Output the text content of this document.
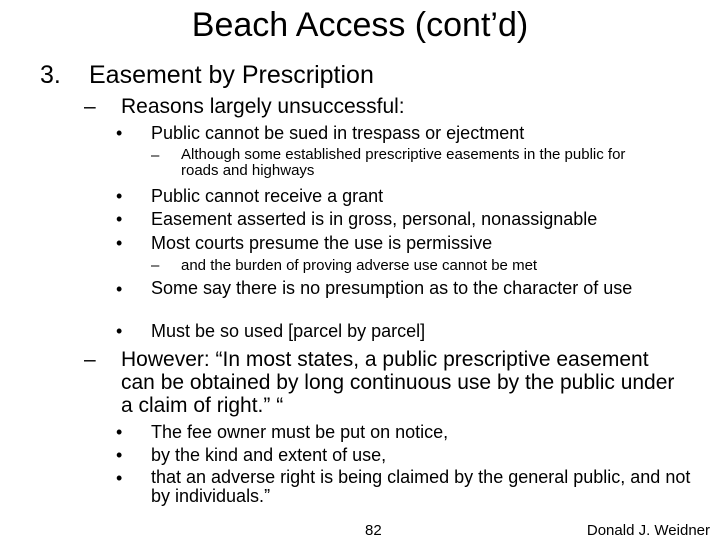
Beach Access (cont’d)
3. Easement by Prescription
– Reasons largely unsuccessful:
• Public cannot be sued in trespass or ejectment
– Although some established prescriptive easements in the public for roads and highways
• Public cannot receive a grant
• Easement asserted is in gross, personal, nonassignable
• Most courts presume the use is permissive
– and the burden of proving adverse use cannot be met
• Some say there is no presumption as to the character of use
• Must be so used [parcel by parcel]
– However: “In most states, a public prescriptive easement can be obtained by long continuous use by the public under a claim of right.” “
• The fee owner must be put on notice,
• by the kind and extent of use,
• that an adverse right is being claimed by the general public, and not by individuals.”
82	Donald J. Weidner
